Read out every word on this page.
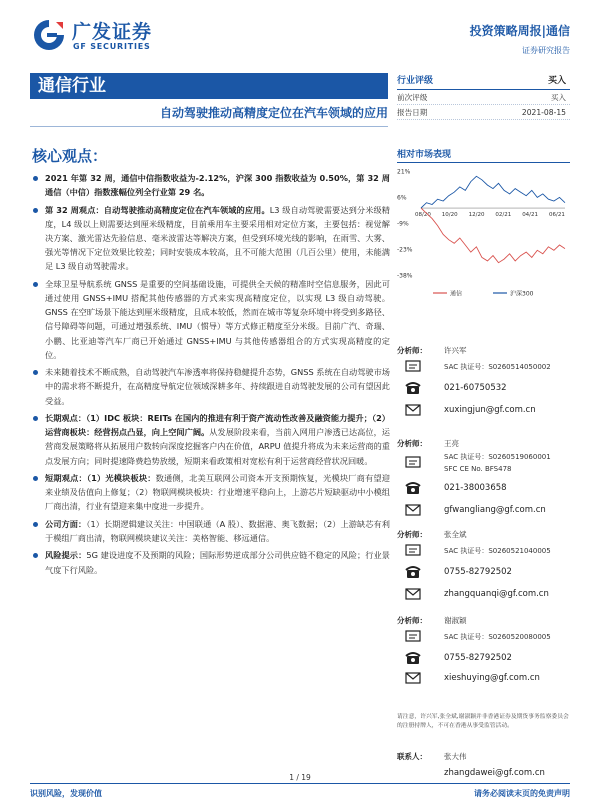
广发证券
GF SECURITIES
投资策略周报|通信
证券研究报告
通信行业
自动驾驶推动高精度定位在汽车领域的应用
核心观点：
2021 年第 32 周，通信中信指数收益为-2.12%，沪深 300 指数收益为 0.50%，第 32 周通信（中信）指数涨幅位列全行业第 29 名。
第 32 周观点：自动驾驶推动高精度定位在汽车领域的应用。L3 级自动驾驶需要达到分米级精度，L4 级以上则需要达到厘米级精度，目前乘用车主要采用相对定位方案，主要包括：视觉解决方案、激光雷达先验信息、毫米波雷达等解决方案，但受到环境光线的影响，在雨雪、大雾、强光等情况下定位效果比较差；同时安装成本较高，且不可能大范围（几百公里）使用，未能满足 L3 级自动驾驶需求。
全球卫星导航系统 GNSS 是重要的空间基础设施，可提供全天候的精准时空信息服务，因此可通过使用 GNSS+IMU 搭配其他传感器的方式来实现高精度定位，以实现 L3 级自动驾驶。GNSS 在空旷场景下能达到厘米级精度，且成本较低，然而在城市等复杂环境中将受到多路径、信号障碍等问题，可通过增强系统、IMU（惯导）等方式修正精度至分米级。目前广汽、奇瑞、小鹏、比亚迪等汽车厂商已开始通过 GNSS+IMU 与其他传感器组合的方式实现高精度的定位。
未来随着技术不断成熟，自动驾驶汽车渗透率将保持稳健提升态势，GNSS 系统在自动驾驶市场中的需求将不断提升，在高精度导航定位领域深耕多年、持续跟进自动驾驶发展的公司有望因此受益。
长期观点：（1）IDC 板块：REITs 在国内的推进有利于资产流动性改善及融资能力提升；（2）运营商板块：经营拐点凸显，向上空间广阔。从发展阶段来看，当前入网用户渗透已达高位，运营商发展策略将从拓展用户数转向深度挖掘客户内在价值，ARPU 值提升将成为未来运营商的重点发展方向；同时提速降费趋势放缓，短期来看政策相对宽松有利于运营商经营状况回暖。
短期观点：（1）光模块板块：数通侧，北美互联网公司资本开支预期恢复，光模块厂商有望迎来业绩及估值向上修复；（2）物联网模块板块：行业增速平稳向上，上游芯片短缺驱动中小模组厂商出清，行业有望迎来集中度进一步提升。
公司方面：（1）长期逻辑建议关注：中国联通（A 股）、数据港、奥飞数据；（2）上游缺芯有利于模组厂商出清，物联网模块建议关注：美格智能、移远通信。
风险提示：5G 建设进度不及预期的风险；国际形势逆成部分公司供应链不稳定的风险；行业景气度下行风险。
行业评级	买入
前次评级	买入
报告日期	2021-08-15
相对市场表现
21%
6%
-9%
-23%
-38%
08/20 10/20 12/20 02/21 04/21 06/21
通信	沪深300
分析师： 许兴军
SAC 执证号：S0260514050002
021-60750532
xuxingjun@gf.com.cn
分析师： 王亮
SAC 执证号：S0260519060001
SFC CE No. BFS478
021-38003658
gfwangliang@gf.com.cn
分析师： 张全斌
SAC 执证号：S0260521040005
0755-82792502
zhangquanqi@gf.com.cn
分析师： 谢淑颖
SAC 执证号：S0260520080005
0755-82792502
xieshuying@gf.com.cn
请注意，许兴军,张全斌,谢淑颖并非香港证券及期货事务监察委员会的注册持牌人，不可在香港从事受监管活动。
联系人： 张大伟
zhangdawei@gf.com.cn
1 / 19
识别风险，发现价值	请务必阅读末页的免责声明
